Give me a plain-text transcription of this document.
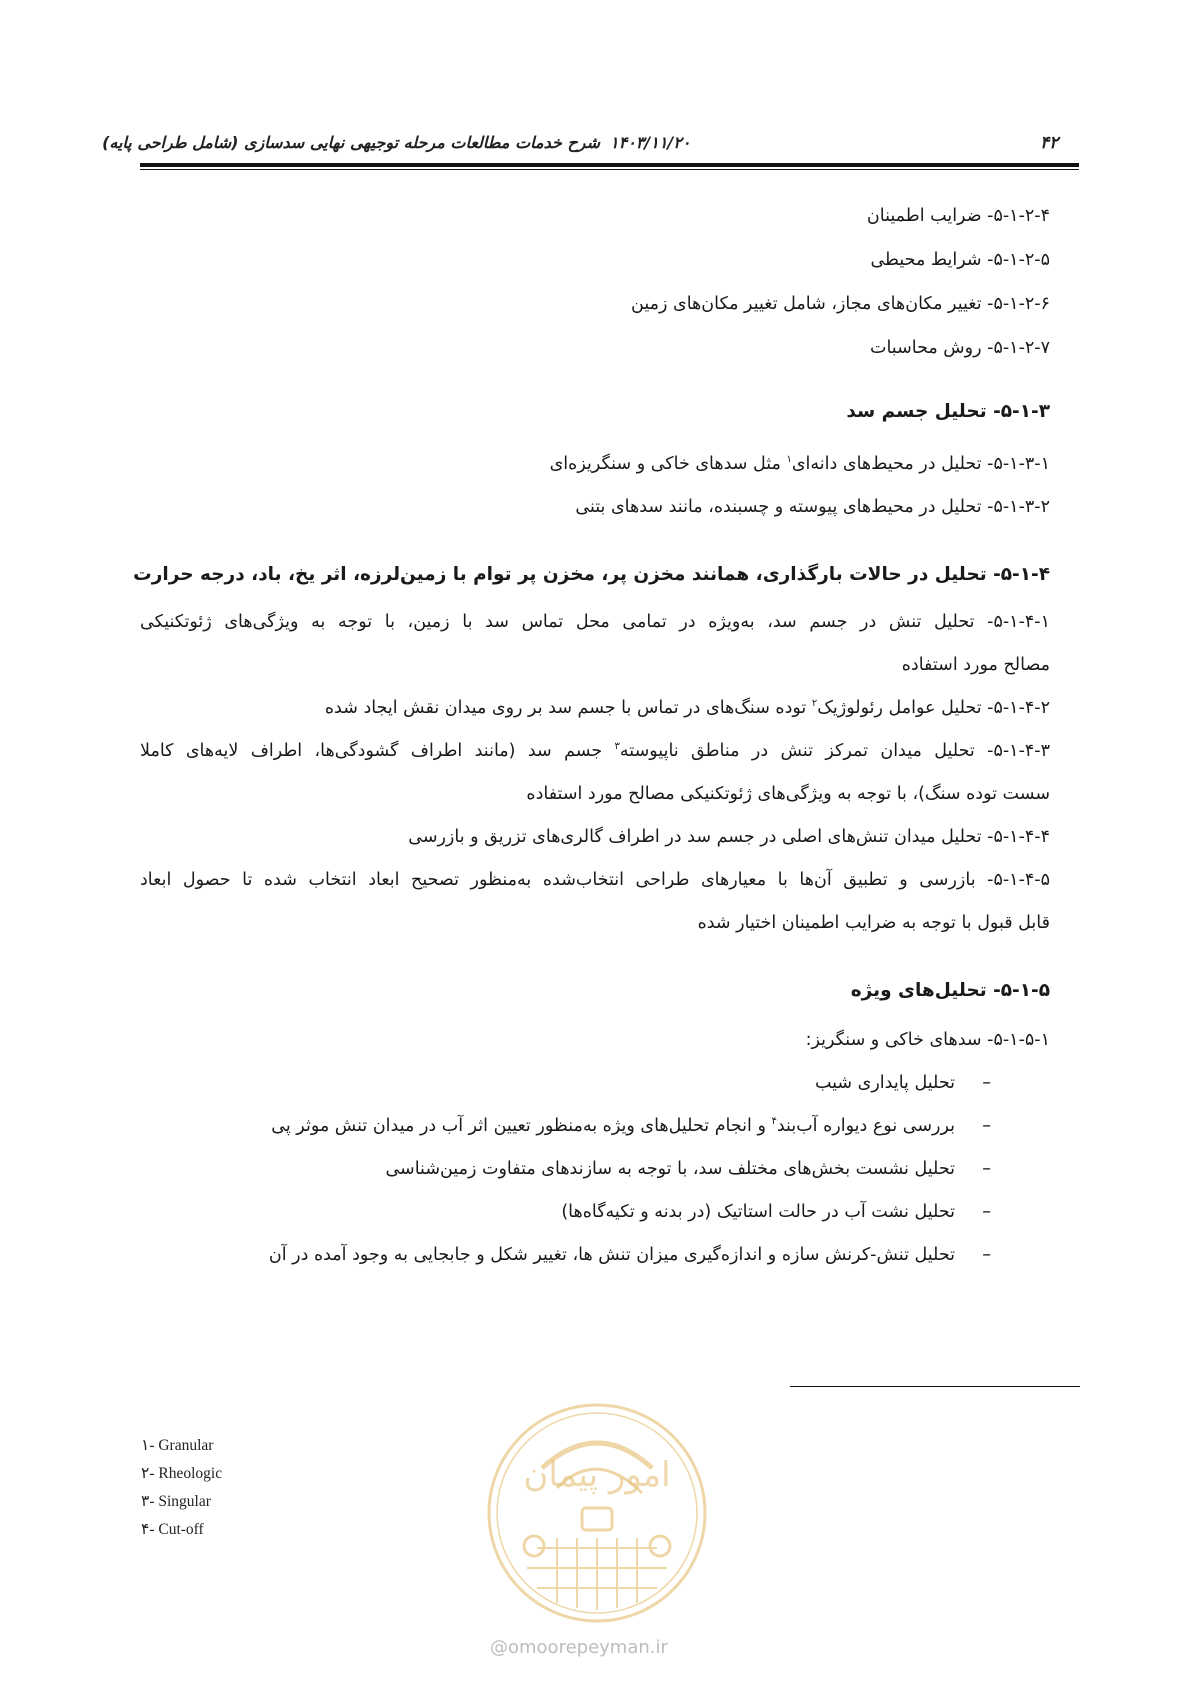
۴۲
۱۴۰۳/۱۱/۲۰
شرح خدمات مطالعات مرحله توجیهی نهایی سدسازی (شامل طراحی پایه)
۵-۱-۲-۴- ضرایب اطمینان
۵-۱-۲-۵- شرایط محیطی
۵-۱-۲-۶- تغییر مکان‌های مجاز، شامل تغییر مکان‌های زمین
۵-۱-۲-۷- روش محاسبات
۵-۱-۳- تحلیل جسم سد
۵-۱-۳-۱- تحلیل در محیط‌های دانه‌ای$^۱$ مثل سدهای خاکی و سنگریزه‌ای
۵-۱-۳-۲- تحلیل در محیط‌های پیوسته و چسبنده، مانند سدهای بتنی
۵-۱-۴- تحلیل در حالات بارگذاری، همانند مخزن پر، مخزن پر توام با زمین‌لرزه، اثر یخ، باد، درجه حرارت
۵-۱-۴-۱- تحلیل تنش در جسم سد، به‌ویژه در تمامی محل تماس سد با زمین، با توجه به ویژگی‌های ژئوتکنیکی
مصالح مورد استفاده
۵-۱-۴-۲- تحلیل عوامل رئولوژیک$^۲$ توده سنگ‌های در تماس با جسم سد بر روی میدان نقش ایجاد شده
۵-۱-۴-۳- تحلیل میدان تمرکز تنش در مناطق ناپیوسته$^۳$ جسم سد (مانند اطراف گشودگی‌ها، اطراف لایه‌های کاملا
سست توده سنگ)، با توجه به ویژگی‌های ژئوتکنیکی مصالح مورد استفاده
۵-۱-۴-۴- تحلیل میدان تنش‌های اصلی در جسم سد در اطراف گالری‌های تزریق و بازرسی
۵-۱-۴-۵- بازرسی و تطبیق آن‌ها با معیارهای طراحی انتخاب‌شده به‌منظور تصحیح ابعاد انتخاب شده تا حصول ابعاد
قابل قبول با توجه به ضرایب اطمینان اختیار شده
۵-۱-۵- تحلیل‌های ویژه
۵-۱-۵-۱- سدهای خاکی و سنگریز:
–
تحلیل پایداری شیب
–
بررسی نوع دیواره آب‌بند$^۴$ و انجام تحلیل‌های ویژه به‌منظور تعیین اثر آب در میدان تنش موثر پی
–
تحلیل نشست بخش‌های مختلف سد، با توجه به سازندهای متفاوت زمین‌شناسی
–
تحلیل نشت آب در حالت استاتیک (در بدنه و تکیه‌گاه‌ها)
–
تحلیل تنش-کرنش سازه و اندازه‌گیری میزان تنش ها، تغییر شکل و جابجایی به وجود آمده در آن
۱- Granular
۲- Rheologic
۳- Singular
۴- Cut-off
امور پیمان
@omoorepeyman.ir
